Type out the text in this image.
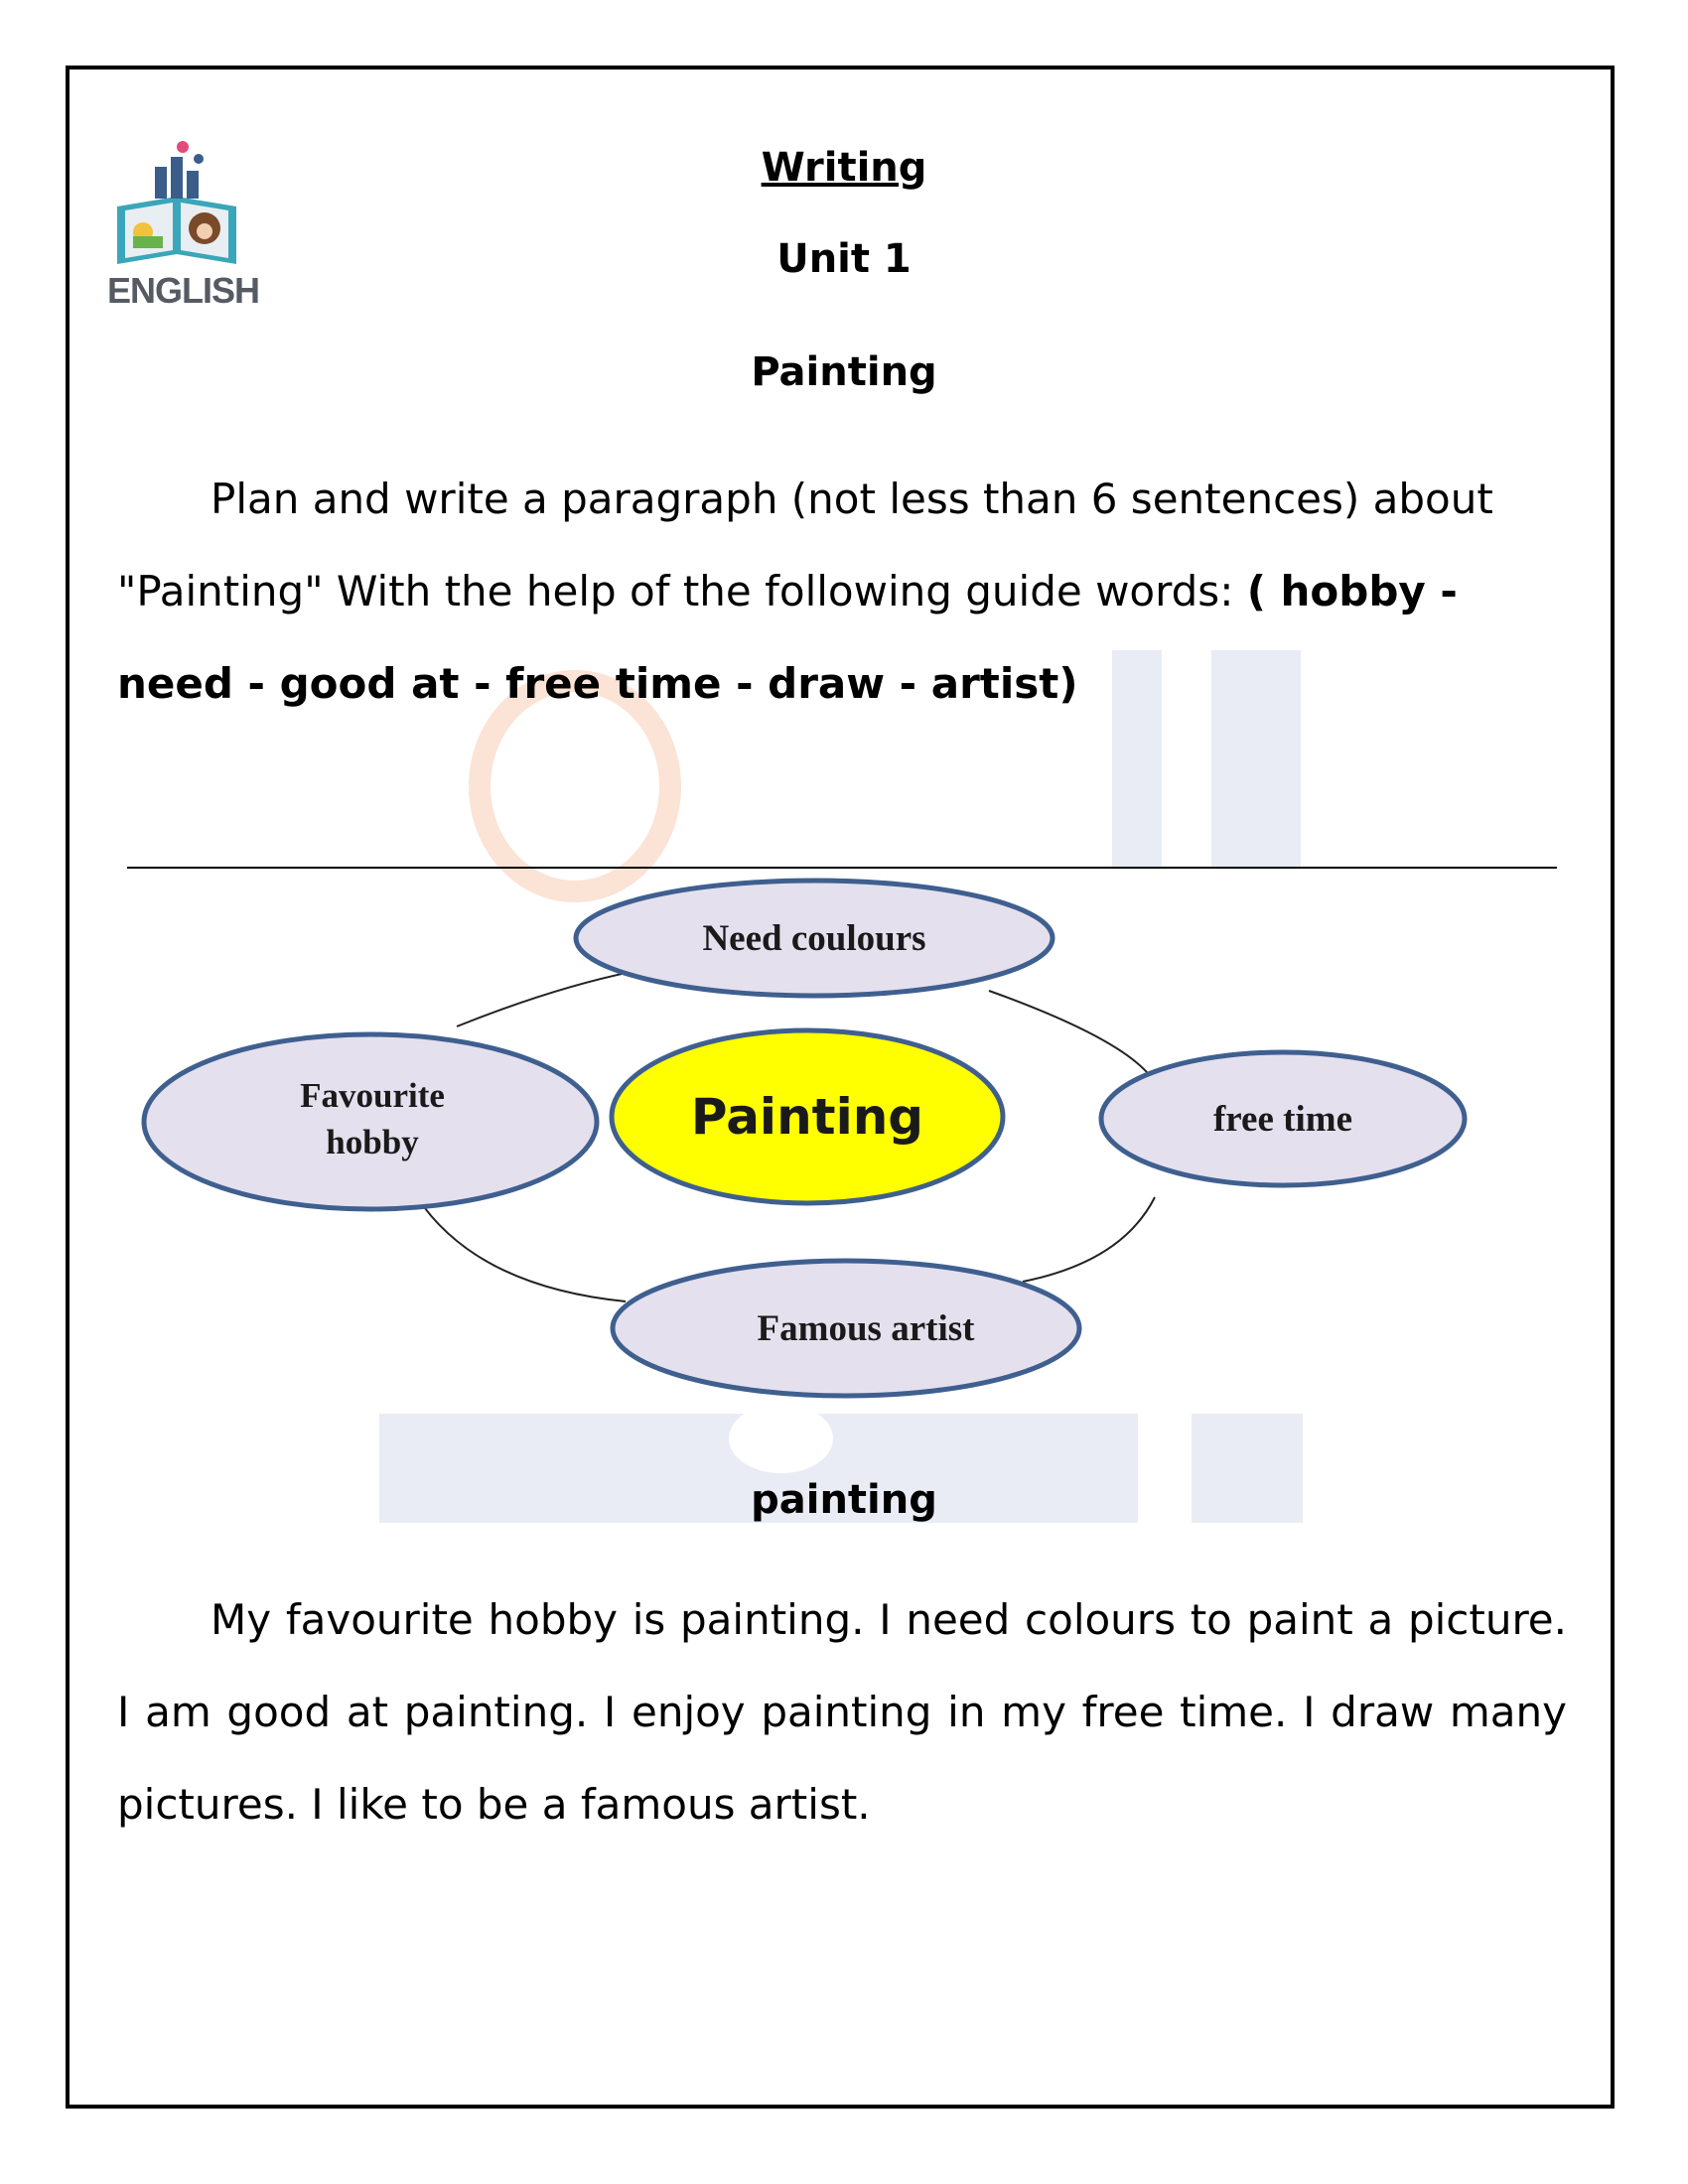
ENGLISH
Writing
Unit 1
Painting
Plan and write a paragraph (not less than 6 sentences) about "Painting" With the help of the following guide words: ( hobby - need - good at - free time - draw - artist)
Need coulours
Favourite
hobby	Painting	free time
Famous artist
painting
My favourite hobby is painting. I need colours to paint a picture. I am good at painting. I enjoy painting in my free time. I draw many pictures. I like to be a famous artist.
